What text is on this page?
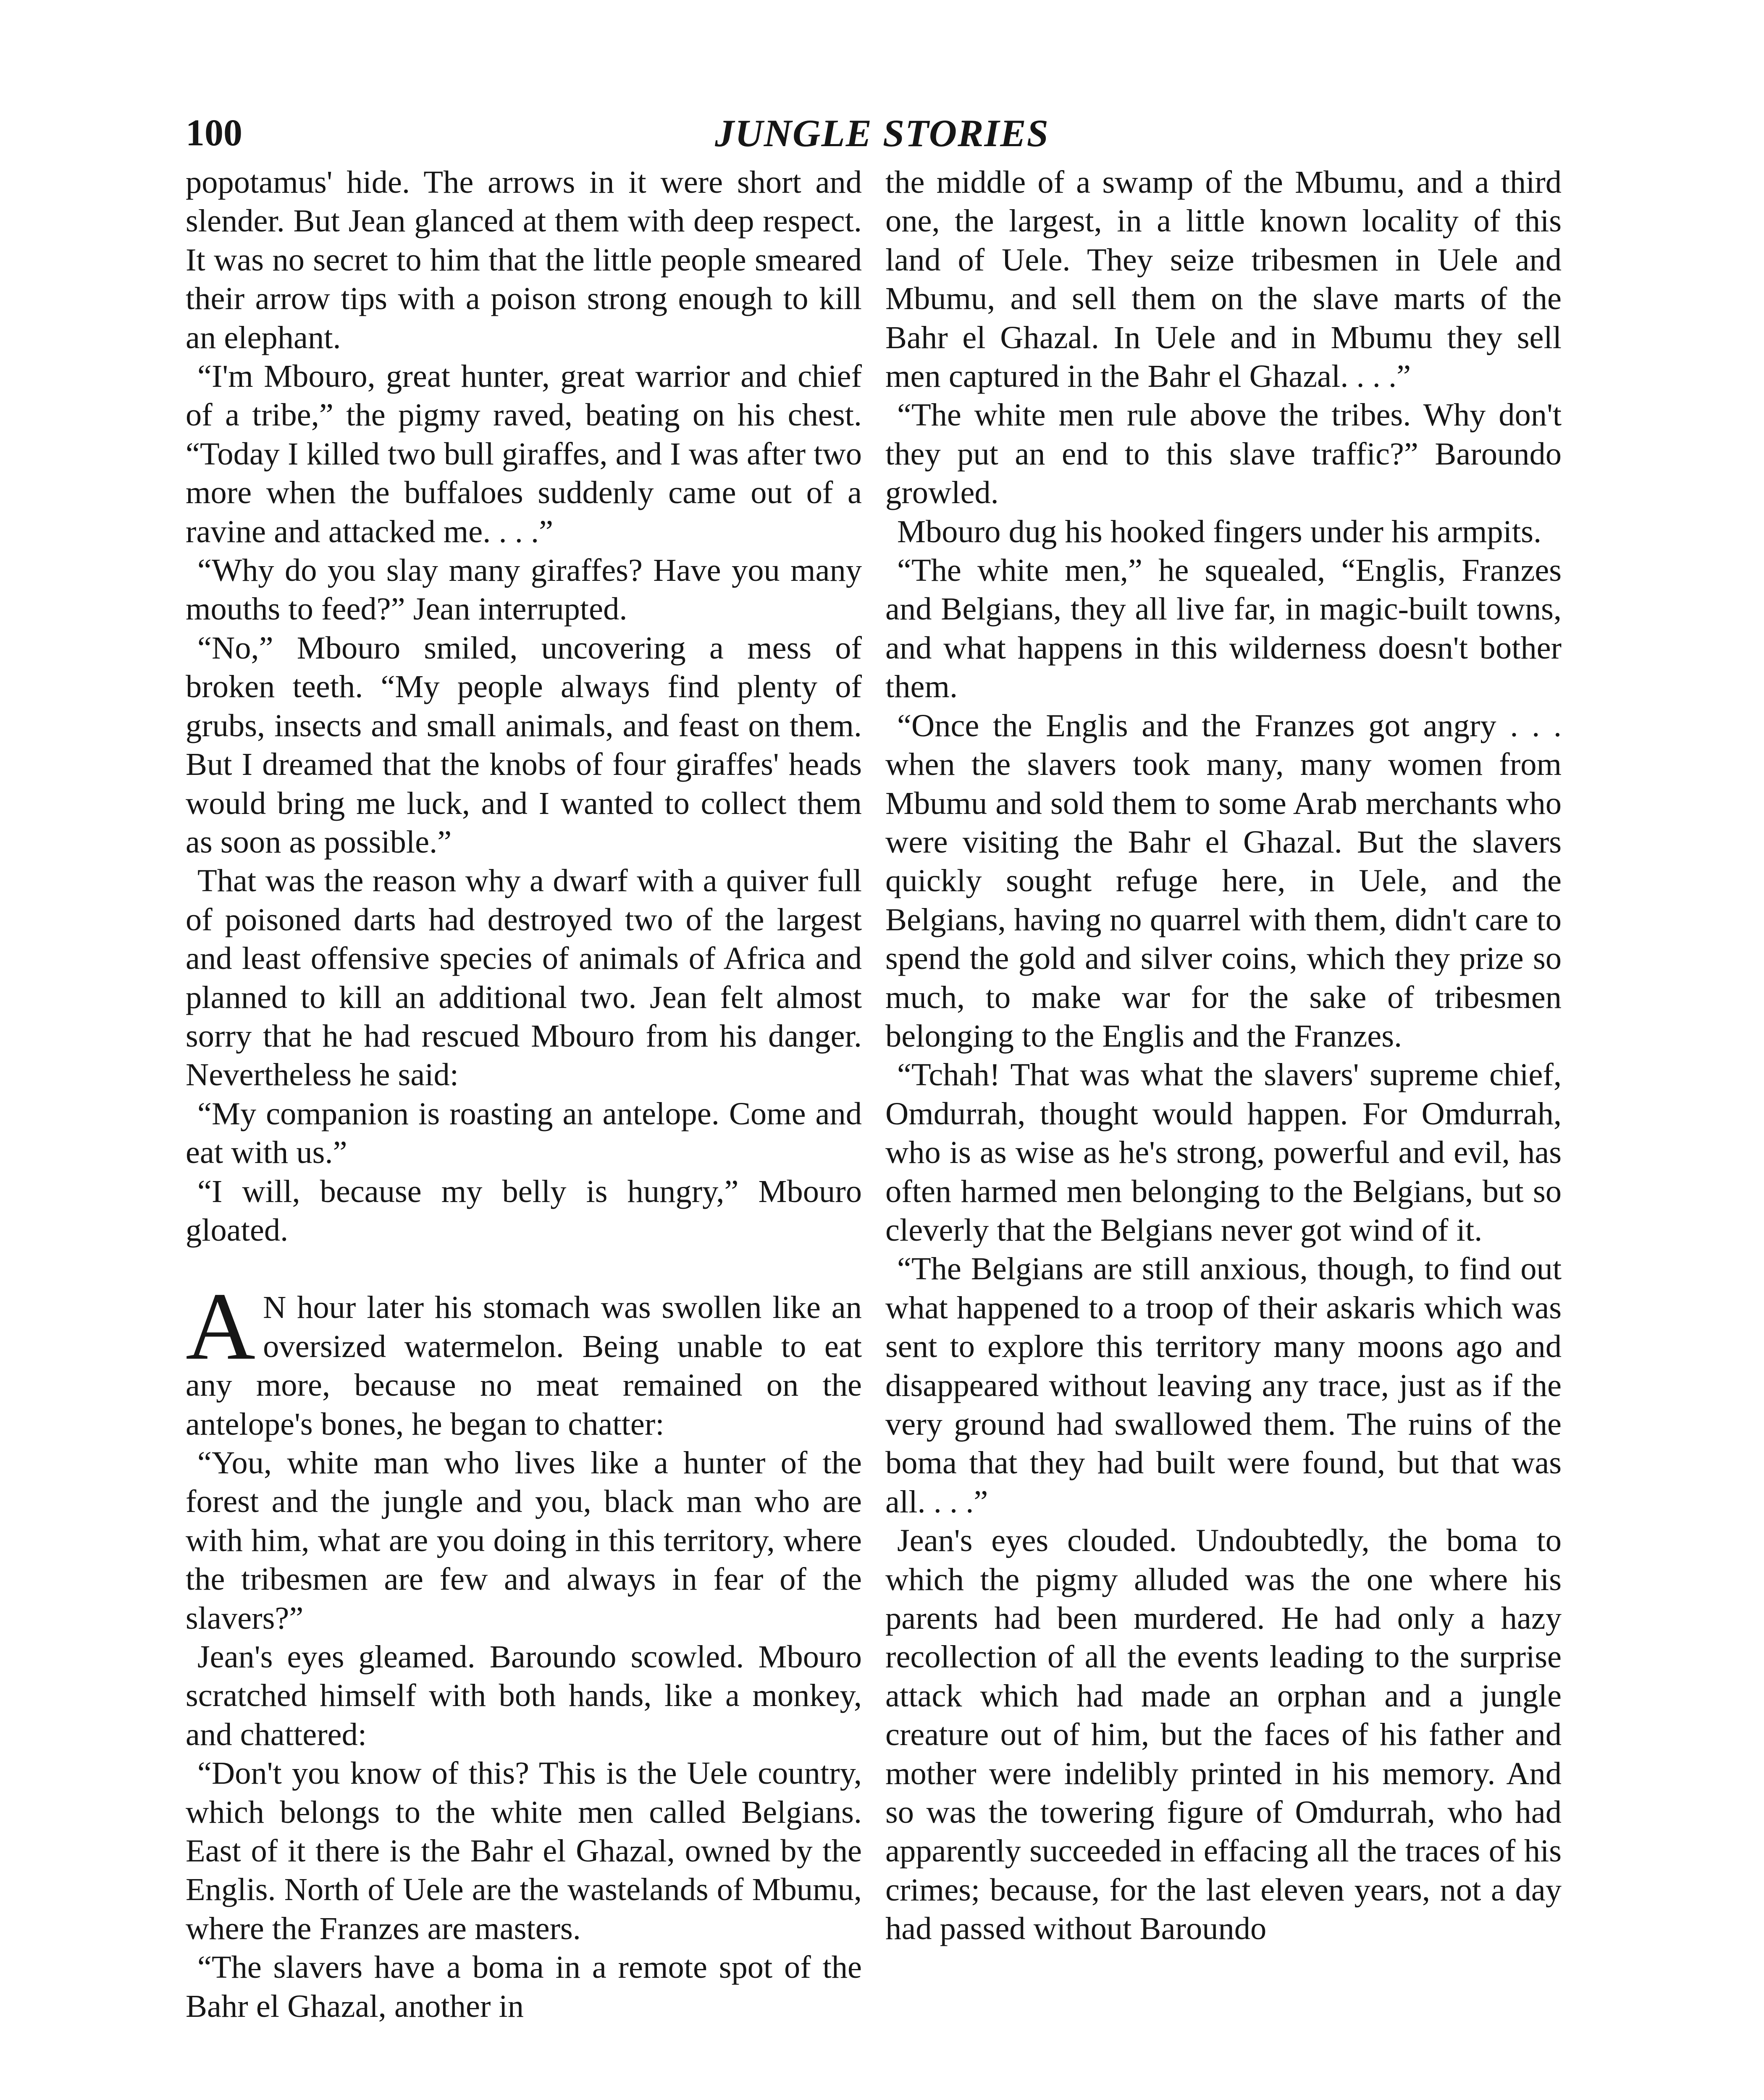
100	JUNGLE STORIES

popotamus' hide. The arrows in it were short and slender. But Jean glanced at them with deep respect. It was no secret to him that the little people smeared their arrow tips with a poison strong enough to kill an elephant.

“I'm Mbouro, great hunter, great warrior and chief of a tribe,” the pigmy raved, beating on his chest. “Today I killed two bull giraffes, and I was after two more when the buffaloes suddenly came out of a ravine and attacked me. . . .”

“Why do you slay many giraffes? Have you many mouths to feed?” Jean interrupted.

“No,” Mbouro smiled, uncovering a mess of broken teeth. “My people always find plenty of grubs, insects and small animals, and feast on them. But I dreamed that the knobs of four giraffes' heads would bring me luck, and I wanted to collect them as soon as possible.”

That was the reason why a dwarf with a quiver full of poisoned darts had destroyed two of the largest and least offensive species of animals of Africa and planned to kill an additional two. Jean felt almost sorry that he had rescued Mbouro from his danger. Nevertheless he said:

“My companion is roasting an antelope. Come and eat with us.”

“I will, because my belly is hungry,” Mbouro gloated.

A N hour later his stomach was swollen like an oversized watermelon. Being unable to eat any more, because no meat remained on the antelope's bones, he began to chatter:

“You, white man who lives like a hunter of the forest and the jungle and you, black man who are with him, what are you doing in this territory, where the tribesmen are few and always in fear of the slavers?”

Jean's eyes gleamed. Baroundo scowled. Mbouro scratched himself with both hands, like a monkey, and chattered:

“Don't you know of this? This is the Uele country, which belongs to the white men called Belgians. East of it there is the Bahr el Ghazal, owned by the Englis. North of Uele are the wastelands of Mbumu, where the Franzes are masters.

“The slavers have a boma in a remote spot of the Bahr el Ghazal, another in

the middle of a swamp of the Mbumu, and a third one, the largest, in a little known locality of this land of Uele. They seize tribesmen in Uele and Mbumu, and sell them on the slave marts of the Bahr el Ghazal. In Uele and in Mbumu they sell men captured in the Bahr el Ghazal. . . .”

“The white men rule above the tribes. Why don't they put an end to this slave traffic?” Baroundo growled.

Mbouro dug his hooked fingers under his armpits.

“The white men,” he squealed, “Englis, Franzes and Belgians, they all live far, in magic-built towns, and what happens in this wilderness doesn't bother them.

“Once the Englis and the Franzes got angry . . . when the slavers took many, many women from Mbumu and sold them to some Arab merchants who were visiting the Bahr el Ghazal. But the slavers quickly sought refuge here, in Uele, and the Belgians, having no quarrel with them, didn't care to spend the gold and silver coins, which they prize so much, to make war for the sake of tribesmen belonging to the Englis and the Franzes.

“Tchah! That was what the slavers' supreme chief, Omdurrah, thought would happen. For Omdurrah, who is as wise as he's strong, powerful and evil, has often harmed men belonging to the Belgians, but so cleverly that the Belgians never got wind of it.

“The Belgians are still anxious, though, to find out what happened to a troop of their askaris which was sent to explore this territory many moons ago and disappeared without leaving any trace, just as if the very ground had swallowed them. The ruins of the boma that they had built were found, but that was all. . . .”

Jean's eyes clouded. Undoubtedly, the boma to which the pigmy alluded was the one where his parents had been murdered. He had only a hazy recollection of all the events leading to the surprise attack which had made an orphan and a jungle creature out of him, but the faces of his father and mother were indelibly printed in his memory. And so was the towering figure of Omdurrah, who had apparently succeeded in effacing all the traces of his crimes; because, for the last eleven years, not a day had passed without Baroundo
